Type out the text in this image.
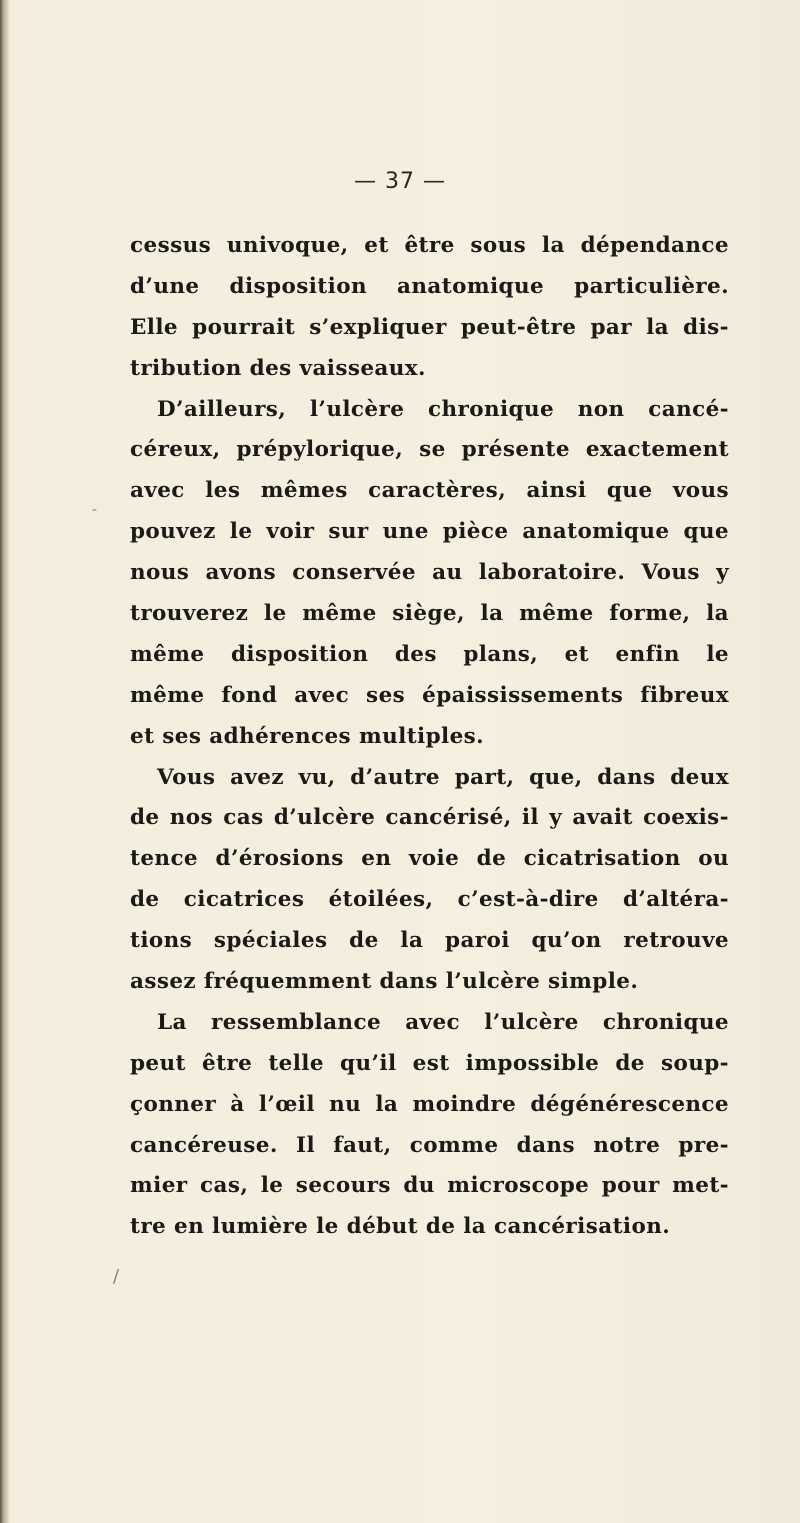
— 37 —
cessus univoque, et être sous la dépendance
d’une disposition anatomique particulière.
Elle pourrait s’expliquer peut-être par la dis-
tribution des vaisseaux.
D’ailleurs, l’ulcère chronique non cancé-
céreux, prépylorique, se présente exactement
avec les mêmes caractères, ainsi que vous
pouvez le voir sur une pièce anatomique que
nous avons conservée au laboratoire. Vous y
trouverez le même siège, la même forme, la
même disposition des plans, et enfin le
même fond avec ses épaississements fibreux
et ses adhérences multiples.
Vous avez vu, d’autre part, que, dans deux
de nos cas d’ulcère cancérisé, il y avait coexis-
tence d’érosions en voie de cicatrisation ou
de cicatrices étoilées, c’est-à-dire d’altéra-
tions spéciales de la paroi qu’on retrouve
assez fréquemment dans l’ulcère simple.
La ressemblance avec l’ulcère chronique
peut être telle qu’il est impossible de soup-
çonner à l’œil nu la moindre dégénérescence
cancéreuse. Il faut, comme dans notre pre-
mier cas, le secours du microscope pour met-
tre en lumière le début de la cancérisation.
-
/
